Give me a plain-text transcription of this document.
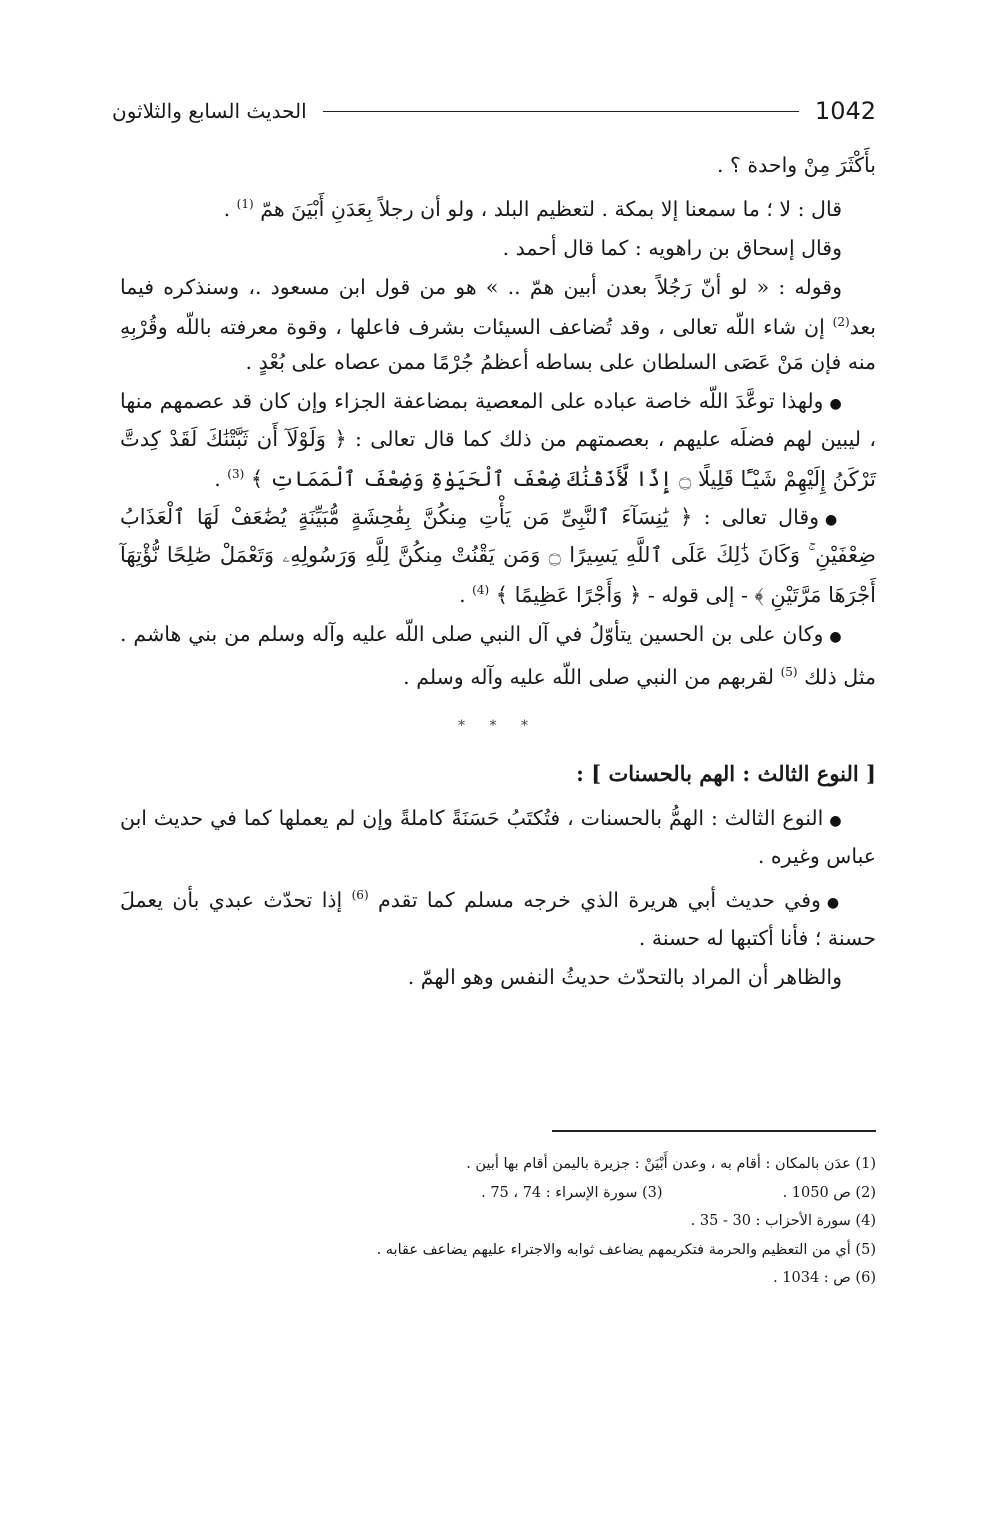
الحديث السابع والثلاثون	1042

بأَكْثَرَ مِنْ واحدة ؟ .

قال : لا ؛ ما سمعنا إلا بمكة . لتعظيم البلد ، ولو أن رجلاً بِعَدَنِ أَبْيَنَ همّ $^{(1)}$ .

وقال إسحاق بن راهويه : كما قال أحمد .

وقوله : « لو أنّ رَجُلاً بعدن أبين همّ .. » هو من قول ابن مسعود .، وسنذكره فيما بعد$^{(2)}$ إن شاء اللّه تعالى ، وقد تُضاعف السيئات بشرف فاعلها ، وقوة معرفته باللّه وقُرْبِهِ منه فإن مَنْ عَصَى السلطان على بساطه أعظمُ جُرْمًا ممن عصاه على بُعْدٍ .

●ولهذا توعَّدَ اللّه خاصة عباده على المعصية بمضاعفة الجزاء وإن كان قد عصمهم منها ، ليبين لهم فضلَه عليهم ، بعصمتهم من ذلك كما قال تعالى : ﴿ وَلَوْلَآ أَن ثَبَّتْنَٰكَ لَقَدْ كِدتَّ تَرْكَنُ إِلَيْهِمْ شَيْـًٔا قَلِيلًا ۝ إِذًا لَّأَذَقْنَٰكَ ضِعْفَ ٱلْحَيَوٰةِ وَضِعْفَ ٱلْمَمَاتِ ﴾ $^{(3)}$ .

●وقال تعالى : ﴿ يَٰنِسَآءَ ٱلنَّبِىِّ مَن يَأْتِ مِنكُنَّ بِفَٰحِشَةٍ مُّبَيِّنَةٍ يُضَٰعَفْ لَهَا ٱلْعَذَابُ ضِعْفَيْنِ ۚ وَكَانَ ذَٰلِكَ عَلَى ٱللَّهِ يَسِيرًا ۝ وَمَن يَقْنُتْ مِنكُنَّ لِلَّهِ وَرَسُولِهِۦ وَتَعْمَلْ صَٰلِحًا نُّؤْتِهَآ أَجْرَهَا مَرَّتَيْنِ ﴾ - إلى قوله - ﴿ وَأَجْرًا عَظِيمًا ﴾ $^{(4)}$ .

●وكان على بن الحسين يتأوّلُ في آل النبي صلى اللّه عليه وآله وسلم من بني هاشم . مثل ذلك $^{(5)}$ لقربهم من النبي صلى اللّه عليه وآله وسلم .

* * *

[ النوع الثالث : الهم بالحسنات ] :

●النوع الثالث : الهمُّ بالحسنات ، فتُكتَبُ حَسَنَةً كاملةً وإن لم يعملها كما في حديث ابن عباس وغيره .

●وفي حديث أبي هريرة الذي خرجه مسلم كما تقدم $^{(6)}$ إذا تحدّث عبدي بأن يعملَ حسنة ؛ فأنا أكتبها له حسنة .

والظاهر أن المراد بالتحدّث حديثُ النفس وهو الهمّ .

(1) عدَن بالمكان : أقام به ، وعدن أَبْيَنْ : جزيرة باليمن أقام بها أبين .
(2) ص 1050 .
(3) سورة الإسراء : 74 ، 75 .
(4) سورة الأحزاب : 30 - 35 .
(5) أي من التعظيم والحرمة فتكريمهم يضاعف ثوابه والاجتراء عليهم يضاعف عقابه .
(6) ص : 1034 .
